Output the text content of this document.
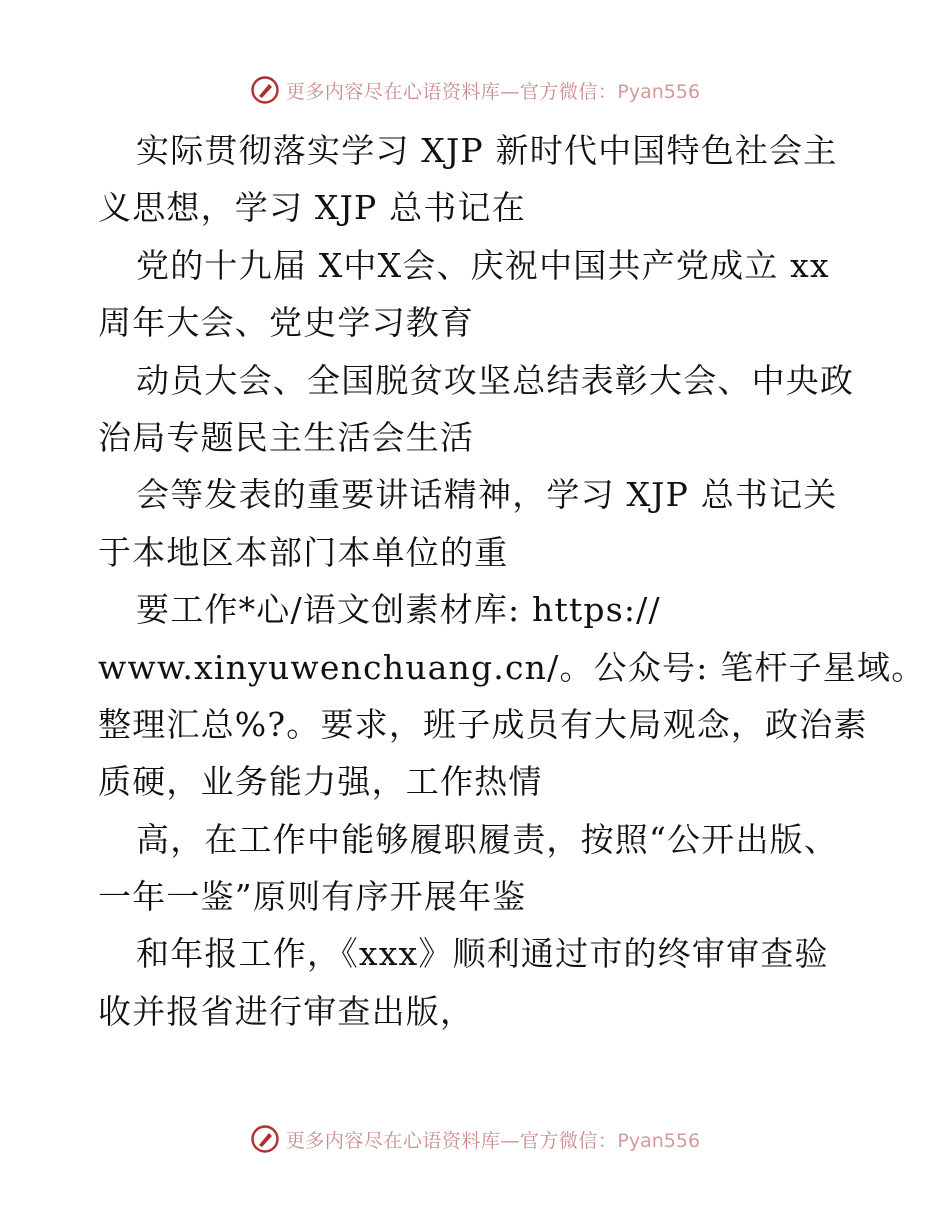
更多内容尽在心语资料库—官方微信：Pyan556
实际贯彻落实学习 XJP 新时代中国特色社会主
义思想，学习 XJP 总书记在
党的十九届 X中X会、庆祝中国共产党成立 xx
周年大会、党史学习教育
动员大会、全国脱贫攻坚总结表彰大会、中央政
治局专题民主生活会生活
会等发表的重要讲话精神，学习 XJP 总书记关
于本地区本部门本单位的重
要工作*心/语文创素材库: https://
www.xinyuwenchuang.cn/。公众号: 笔杆子星域。
整理汇总%?。要求，班子成员有大局观念，政治素
质硬，业务能力强，工作热情
高，在工作中能够履职履责，按照“公开出版、
一年一鉴”原则有序开展年鉴
和年报工作，《xxx》顺利通过市的终审审查验
收并报省进行审查出版，
更多内容尽在心语资料库—官方微信：Pyan556
